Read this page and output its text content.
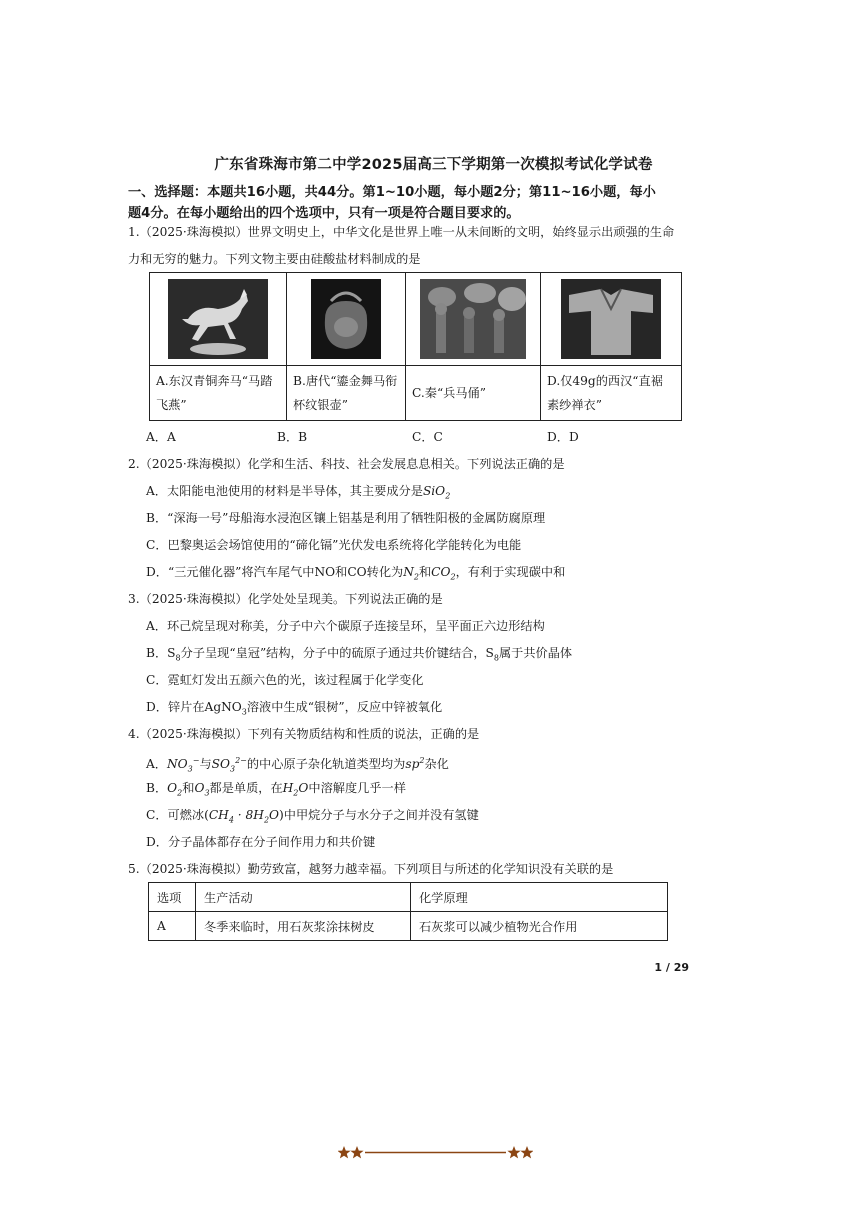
广东省珠海市第二中学2025届高三下学期第一次模拟考试化学试卷
一、选择题：本题共16小题，共44分。第1~10小题，每小题2分；第11~16小题，每小
题4分。在每小题给出的四个选项中，只有一项是符合题目要求的。
1.（2025·珠海模拟）世界文明史上，中华文化是世界上唯一从未间断的文明，始终显示出顽强的生命
力和无穷的魅力。下列文物主要由硅酸盐材料制成的是

A.东汉青铜奔马“马踏飞燕”	B.唐代“鎏金舞马衔杯纹银壶”	C.秦“兵马俑”	D.仅49g的西汉“直裾素纱禅衣”
A．A	B．B	C．C	D．D
2.（2025·珠海模拟）化学和生活、科技、社会发展息息相关。下列说法正确的是
A．太阳能电池使用的材料是半导体，其主要成分是SiO$_2$
B．“深海一号”母船海水浸泡区镶上铝基是利用了牺牲阳极的金属防腐原理
C．巴黎奥运会场馆使用的“碲化镉”光伏发电系统将化学能转化为电能
D．“三元催化器”将汽车尾气中NO和CO转化为$N_2$和$CO_2$，有利于实现碳中和
3.（2025·珠海模拟）化学处处呈现美。下列说法正确的是
A．环己烷呈现对称美，分子中六个碳原子连接呈环，呈平面正六边形结构
B．$S_8$分子呈现“皇冠”结构，分子中的硫原子通过共价键结合，$S_8$属于共价晶体
C．霓虹灯发出五颜六色的光，该过程属于化学变化
D．锌片在AgNO$_3$溶液中生成“银树”，反应中锌被氧化
4.（2025·珠海模拟）下列有关物质结构和性质的说法，正确的是
A．$NO_3^-$与$SO_3^{2-}$的中心原子杂化轨道类型均为$sp^2$杂化
B．$O_2$和$O_3$都是单质，在$H_2O$中溶解度几乎一样
C．可燃冰$(CH_4 \cdot 8H_2O)$中甲烷分子与水分子之间并没有氢键
D．分子晶体都存在分子间作用力和共价键
5.（2025·珠海模拟）勤劳致富，越努力越幸福。下列项目与所述的化学知识没有关联的是
选项	生产活动	化学原理
A	冬季来临时，用石灰浆涂抹树皮	石灰浆可以减少植物光合作用
1 / 29
